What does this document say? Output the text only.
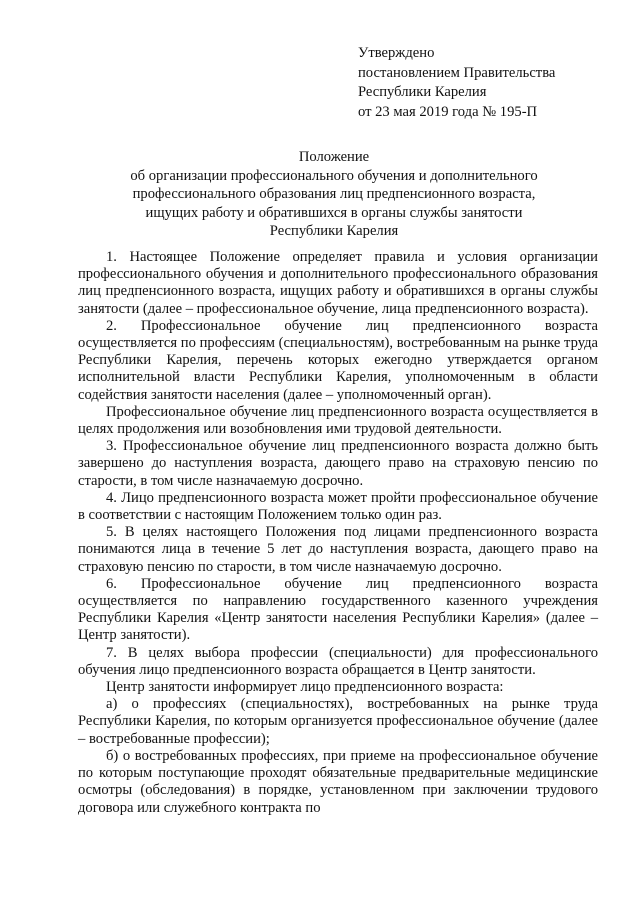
Утверждено
постановлением Правительства
Республики Карелия
от 23 мая 2019 года № 195-П
Положение
об организации профессионального обучения и дополнительного
профессионального образования лиц предпенсионного возраста,
ищущих работу и обратившихся в органы службы занятости
Республики Карелия

1. Настоящее Положение определяет правила и условия организации профессионального обучения и дополнительного профессионального образования лиц предпенсионного возраста, ищущих работу и обратившихся в органы службы занятости (далее – профессиональное обучение, лица предпенсионного возраста).

2. Профессиональное обучение лиц предпенсионного возраста осуществляется по профессиям (специальностям), востребованным на рынке труда Республики Карелия, перечень которых ежегодно утверждается органом исполнительной власти Республики Карелия, уполномоченным в области содействия занятости населения (далее – уполномоченный орган).

Профессиональное обучение лиц предпенсионного возраста осуществляется в целях продолжения или возобновления ими трудовой деятельности.

3. Профессиональное обучение лиц предпенсионного возраста должно быть завершено до наступления возраста, дающего право на страховую пенсию по старости, в том числе назначаемую досрочно.

4. Лицо предпенсионного возраста может пройти профессиональное обучение в соответствии с настоящим Положением только один раз.

5. В целях настоящего Положения под лицами предпенсионного возраста понимаются лица в течение 5 лет до наступления возраста, дающего право на страховую пенсию по старости, в том числе назначаемую досрочно.

6. Профессиональное обучение лиц предпенсионного возраста осуществляется по направлению государственного казенного учреждения Республики Карелия «Центр занятости населения Республики Карелия» (далее – Центр занятости).

7. В целях выбора профессии (специальности) для профессионального обучения лицо предпенсионного возраста обращается в Центр занятости.

Центр занятости информирует лицо предпенсионного возраста:

а) о профессиях (специальностях), востребованных на рынке труда Республики Карелия, по которым организуется профессиональное обучение (далее – востребованные профессии);

б) о востребованных профессиях, при приеме на профессиональное обучение по которым поступающие проходят обязательные предварительные медицинские осмотры (обследования) в порядке, установленном при заключении трудового договора или служебного контракта по
